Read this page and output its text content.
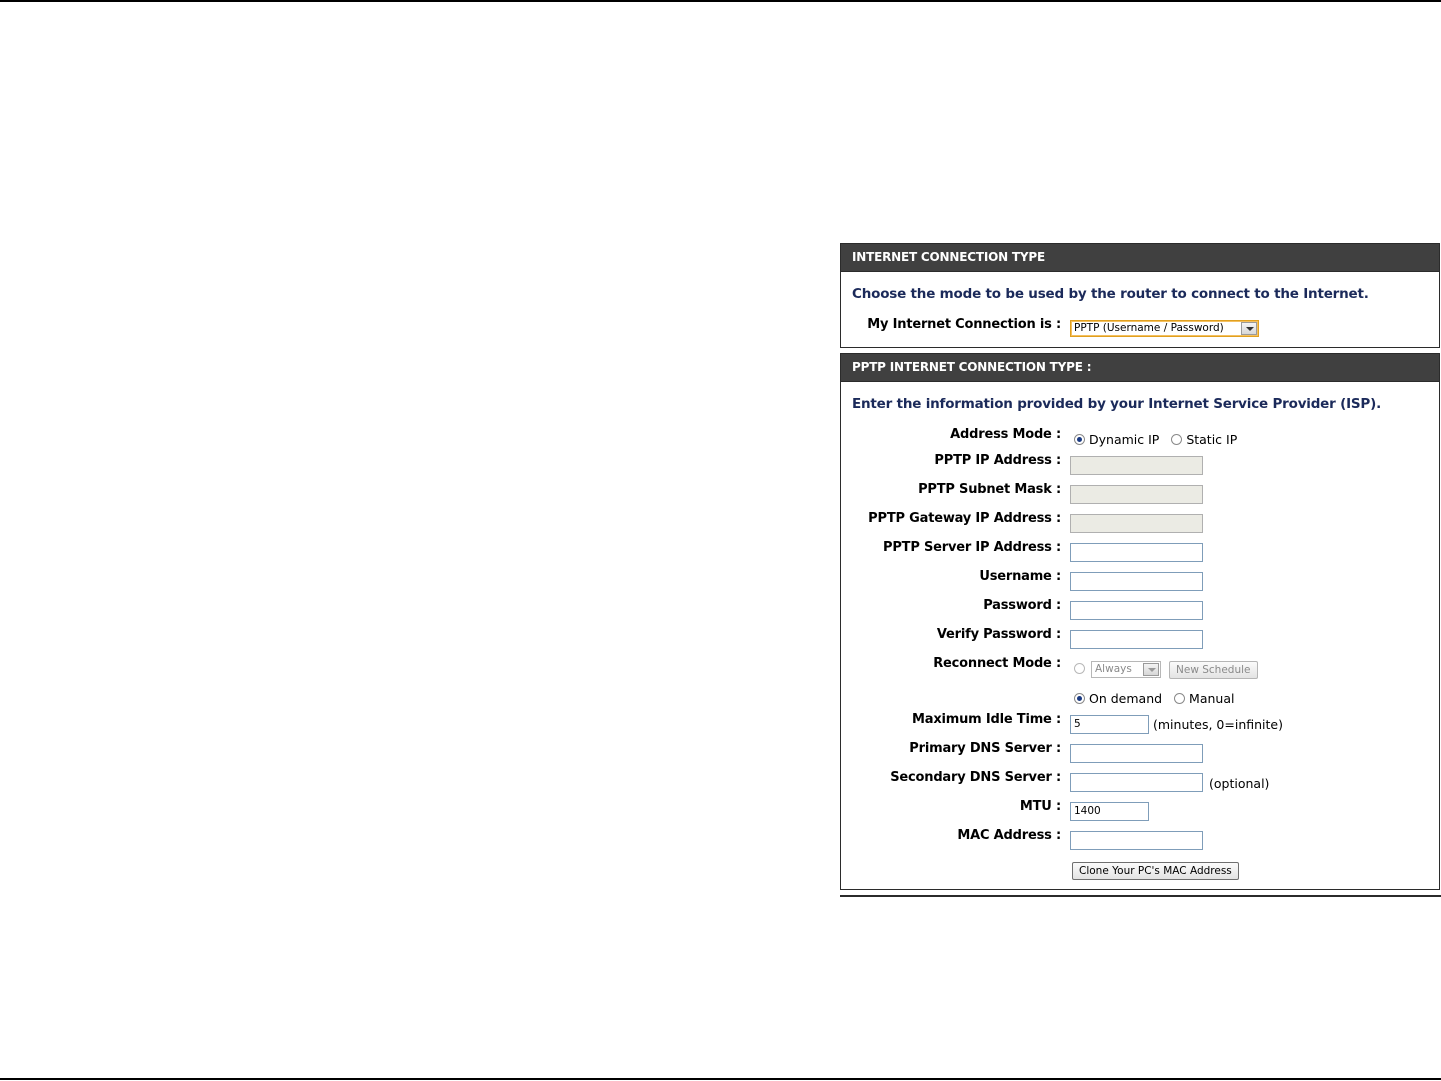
INTERNET CONNECTION TYPE
Choose the mode to be used by the router to connect to the Internet.
My Internet Connection is :	PPTP (Username / Password)
PPTP INTERNET CONNECTION TYPE :
Enter the information provided by your Internet Service Provider (ISP).
Address Mode :	Dynamic IP Static IP
PPTP IP Address :
PPTP Subnet Mask :
PPTP Gateway IP Address :
PPTP Server IP Address :
Username :
Password :
Verify Password :
Reconnect Mode :	Always	New Schedule
On demand Manual
Maximum Idle Time :	5	(minutes, 0=infinite)
Primary DNS Server :
Secondary DNS Server :	(optional)
MTU :	1400
MAC Address :
Clone Your PC's MAC Address
